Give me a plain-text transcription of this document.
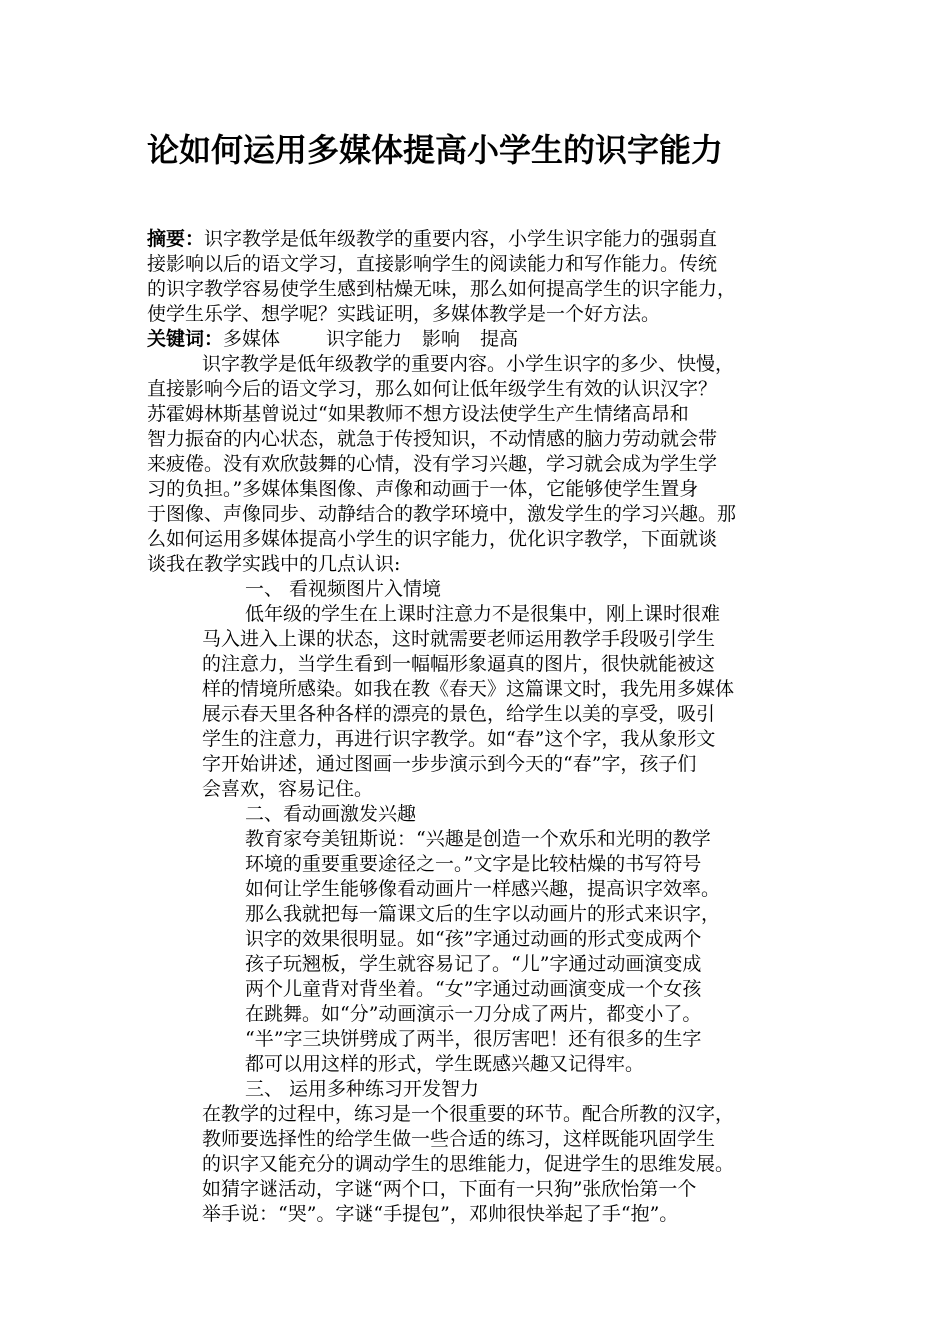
论如何运用多媒体提高小学生的识字能力
摘要：识字教学是低年级教学的重要内容，小学生识字能力的强弱直
接影响以后的语文学习，直接影响学生的阅读能力和写作能力。传统
的识字教学容易使学生感到枯燥无味，那么如何提高学生的识字能力，
使学生乐学、想学呢？实践证明，多媒体教学是一个好方法。
关键词：多媒体 识字能力 影响 提高
识字教学是低年级教学的重要内容。小学生识字的多少、快慢，
直接影响今后的语文学习，那么如何让低年级学生有效的认识汉字？
苏霍姆林斯基曾说过“如果教师不想方设法使学生产生情绪高昂和
智力振奋的内心状态，就急于传授知识，不动情感的脑力劳动就会带
来疲倦。没有欢欣鼓舞的心情，没有学习兴趣，学习就会成为学生学
习的负担。”多媒体集图像、声像和动画于一体，它能够使学生置身
于图像、声像同步、动静结合的教学环境中，激发学生的学习兴趣。那
么如何运用多媒体提高小学生的识字能力，优化识字教学，下面就谈
谈我在教学实践中的几点认识:
一、 看视频图片入情境
低年级的学生在上课时注意力不是很集中，刚上课时很难
马入进入上课的状态，这时就需要老师运用教学手段吸引学生
的注意力，当学生看到一幅幅形象逼真的图片，很快就能被这
样的情境所感染。如我在教《春天》这篇课文时，我先用多媒体
展示春天里各种各样的漂亮的景色，给学生以美的享受，吸引
学生的注意力，再进行识字教学。如“春”这个字，我从象形文
字开始讲述，通过图画一步步演示到今天的“春”字，孩子们
会喜欢，容易记住。
二、看动画激发兴趣
教育家夸美钮斯说：“兴趣是创造一个欢乐和光明的教学
环境的重要重要途径之一。”文字是比较枯燥的书写符号
如何让学生能够像看动画片一样感兴趣，提高识字效率。
那么我就把每一篇课文后的生字以动画片的形式来识字，
识字的效果很明显。如“孩”字通过动画的形式变成两个
孩子玩翘板，学生就容易记了。“儿”字通过动画演变成
两个儿童背对背坐着。“女”字通过动画演变成一个女孩
在跳舞。如“分”动画演示一刀分成了两片，都变小了。
“半”字三块饼劈成了两半，很厉害吧！还有很多的生字
都可以用这样的形式，学生既感兴趣又记得牢。
三、 运用多种练习开发智力
在教学的过程中，练习是一个很重要的环节。配合所教的汉字，
教师要选择性的给学生做一些合适的练习，这样既能巩固学生
的识字又能充分的调动学生的思维能力，促进学生的思维发展。
如猜字谜活动，字谜“两个口，下面有一只狗”张欣怡第一个
举手说：“哭”。字谜“手提包”，邓帅很快举起了手“抱”。
